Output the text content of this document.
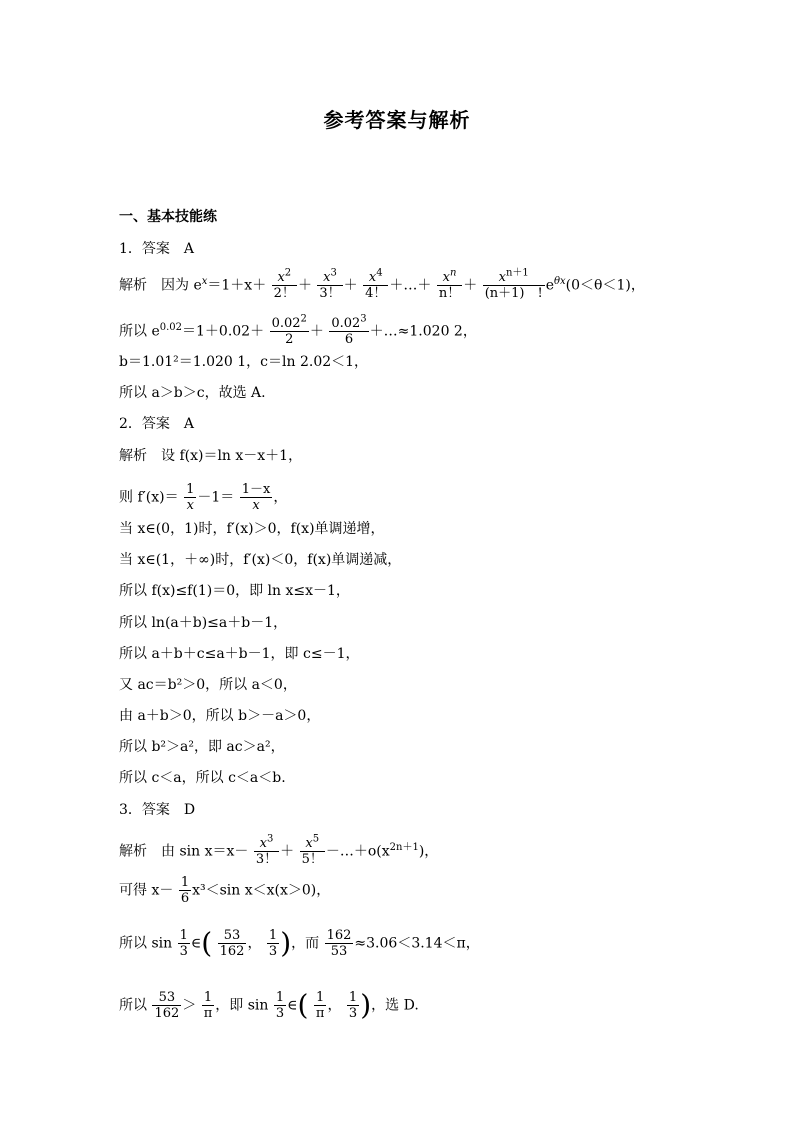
参考答案与解析
一、基本技能练
1．答案　A
解析　因为 $e^x=1+x+ \frac{x^2}{2!} + \frac{x^3}{3!} + \frac{x^4}{4!}$ ＋…＋ $\frac{x^n}{n!} + \frac{x^{n+1}}{(n+1) !} e^{\theta x}(0<\theta<1)$，
所以 $e^{0.02}=1+0.02+ \frac{0.02^2}{2} + \frac{0.02^3}{6}$ ＋…≈1.020 2，
b＝1.01²＝1.020 1，c＝ln 2.02＜1，
所以 a＞b＞c，故选 A.
2．答案　A
解析　设 f(x)＝ln x－x＋1，
则 $f'(x)= \frac{1}{x} -1= \frac{1-x}{x}$ ，
当 x∈(0，1)时，f′(x)＞0，f(x)单调递增，
当 x∈(1，＋∞)时，f′(x)＜0，f(x)单调递减，
所以 f(x)≤f(1)＝0，即 ln x≤x－1，
所以 ln(a＋b)≤a＋b－1，
所以 a＋b＋c≤a＋b－1，即 c≤－1，
又 ac＝b²＞0，所以 a＜0，
由 a＋b＞0，所以 b＞－a＞0，
所以 b²＞a²，即 ac＞a²，
所以 c＜a，所以 c＜a＜b.
3．答案　D
解析　由 $\sin x=x- \frac{x^3}{3!} + \frac{x^5}{5!}$ $-\dots+o(x^{2n+1})$，
可得 $x- \frac{1}{6} x^3<\sin$ x＜x(x＞0)，
所以 $\sin \frac{1}{3}$ ∈( $\frac{53}{162}$ ， $\frac{1}{3}$ )，而 $\frac{162}{53} \approx 3.06<3.14<\pi$，
所以 $\frac{53}{162} > \frac{1}{\pi}$ ，即 $\sin \frac{1}{3}$ ∈( $\frac{1}{\pi}$ ， $\frac{1}{3}$ )，选 D.
